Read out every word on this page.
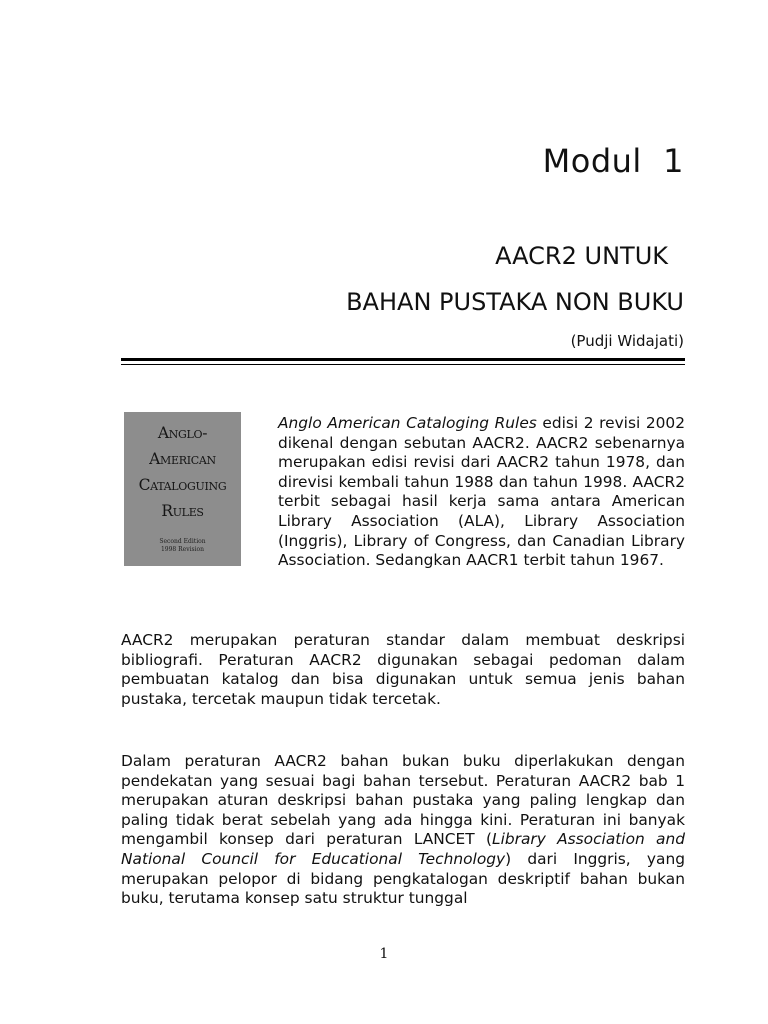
Modul  1
AACR2 UNTUK
BAHAN PUSTAKA NON BUKU
(Pudji Widajati)
Anglo-
American
Cataloguing
Rules
Second Edition
1998 Revision
Anglo American Cataloging Rules edisi 2 revisi 2002 dikenal dengan sebutan AACR2. AACR2 sebenarnya merupakan edisi revisi dari AACR2 tahun 1978, dan direvisi kembali tahun 1988 dan tahun 1998. AACR2 terbit sebagai hasil kerja sama antara American Library Association (ALA), Library Association (Inggris), Library of Congress, dan Canadian Library Association. Sedangkan AACR1 terbit tahun 1967.
AACR2 merupakan peraturan standar dalam membuat deskripsi bibliografi. Peraturan AACR2 digunakan sebagai pedoman dalam pembuatan katalog dan bisa digunakan untuk semua jenis bahan pustaka, tercetak maupun tidak tercetak.
Dalam peraturan AACR2 bahan bukan buku diperlakukan dengan pendekatan yang sesuai bagi bahan tersebut. Peraturan AACR2 bab 1 merupakan aturan deskripsi bahan pustaka yang paling lengkap dan paling tidak berat sebelah yang ada hingga kini. Peraturan ini banyak mengambil konsep dari peraturan LANCET (Library Association and National Council for Educational Technology) dari Inggris, yang merupakan pelopor di bidang pengkatalogan deskriptif bahan bukan buku, terutama konsep satu struktur tunggal
1
